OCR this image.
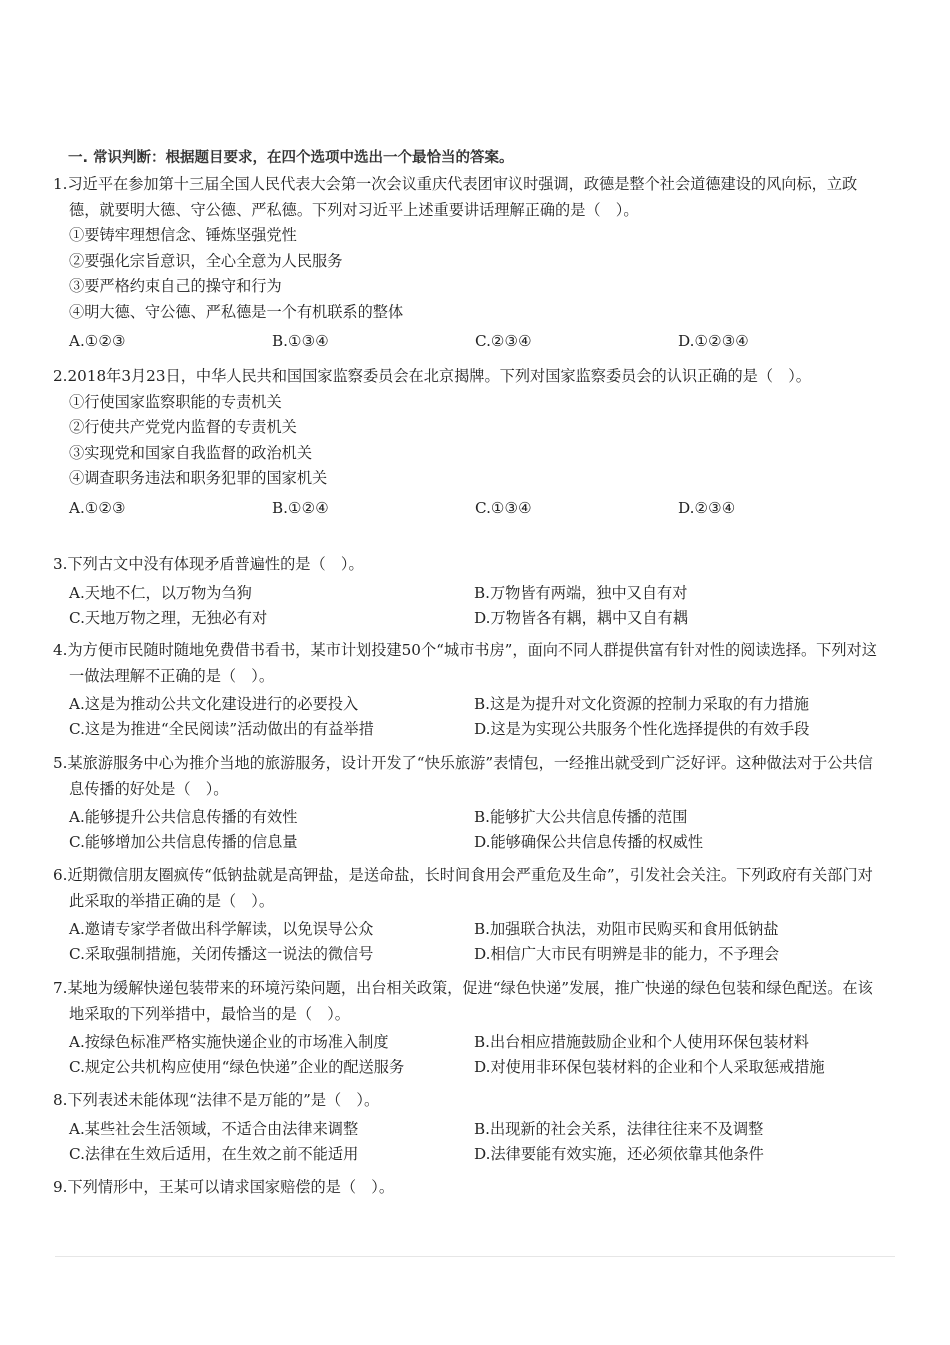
一. 常识判断：根据题目要求，在四个选项中选出一个最恰当的答案。

1.习近平在参加第十三届全国人民代表大会第一次会议重庆代表团审议时强调，政德是整个社会道德建设的风向标，立政德，就要明大德、守公德、严私德。下列对习近平上述重要讲话理解正确的是（　）。

①要铸牢理想信念、锤炼坚强党性

②要强化宗旨意识，全心全意为人民服务

③要严格约束自己的操守和行为

④明大德、守公德、严私德是一个有机联系的整体

A.①②③	B.①③④	C.②③④	D.①②③④

2.2018年3月23日，中华人民共和国国家监察委员会在北京揭牌。下列对国家监察委员会的认识正确的是（　）。

①行使国家监察职能的专责机关

②行使共产党党内监督的专责机关

③实现党和国家自我监督的政治机关

④调查职务违法和职务犯罪的国家机关

A.①②③	B.①②④	C.①③④	D.②③④

3.下列古文中没有体现矛盾普遍性的是（　）。

A.天地不仁，以万物为刍狗	B.万物皆有两端，独中又自有对
C.天地万物之理，无独必有对	D.万物皆各有耦，耦中又自有耦

4.为方便市民随时随地免费借书看书，某市计划投建50个“城市书房”，面向不同人群提供富有针对性的阅读选择。下列对这一做法理解不正确的是（　）。

A.这是为推动公共文化建设进行的必要投入	B.这是为提升对文化资源的控制力采取的有力措施
C.这是为推进“全民阅读”活动做出的有益举措	D.这是为实现公共服务个性化选择提供的有效手段

5.某旅游服务中心为推介当地的旅游服务，设计开发了“快乐旅游”表情包，一经推出就受到广泛好评。这种做法对于公共信息传播的好处是（　）。

A.能够提升公共信息传播的有效性	B.能够扩大公共信息传播的范围
C.能够增加公共信息传播的信息量	D.能够确保公共信息传播的权威性

6.近期微信朋友圈疯传“低钠盐就是高钾盐，是送命盐，长时间食用会严重危及生命”，引发社会关注。下列政府有关部门对此采取的举措正确的是（　）。

A.邀请专家学者做出科学解读，以免误导公众	B.加强联合执法，劝阻市民购买和食用低钠盐
C.采取强制措施，关闭传播这一说法的微信号	D.相信广大市民有明辨是非的能力，不予理会

7.某地为缓解快递包装带来的环境污染问题，出台相关政策，促进“绿色快递”发展，推广快递的绿色包装和绿色配送。在该地采取的下列举措中，最恰当的是（　）。

A.按绿色标准严格实施快递企业的市场准入制度	B.出台相应措施鼓励企业和个人使用环保包装材料
C.规定公共机构应使用“绿色快递”企业的配送服务	D.对使用非环保包装材料的企业和个人采取惩戒措施

8.下列表述未能体现“法律不是万能的”是（　）。

A.某些社会生活领域，不适合由法律来调整	B.出现新的社会关系，法律往往来不及调整
C.法律在生效后适用，在生效之前不能适用	D.法律要能有效实施，还必须依靠其他条件

9.下列情形中，王某可以请求国家赔偿的是（　）。
